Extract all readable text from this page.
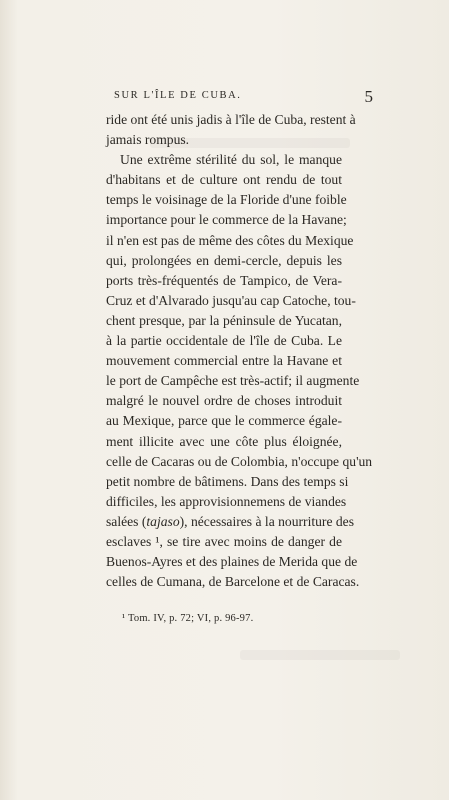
SUR L'ÎLE DE CUBA.	5
ride ont été unis jadis à l'île de Cuba, restent à
jamais rompus.
Une extrême stérilité du sol, le manque
d'habitans et de culture ont rendu de tout
temps le voisinage de la Floride d'une foible
importance pour le commerce de la Havane;
il n'en est pas de même des côtes du Mexique
qui, prolongées en demi-cercle, depuis les
ports très-fréquentés de Tampico, de Vera-
Cruz et d'Alvarado jusqu'au cap Catoche, tou-
chent presque, par la péninsule de Yucatan,
à la partie occidentale de l'île de Cuba. Le
mouvement commercial entre la Havane et
le port de Campêche est très-actif; il augmente
malgré le nouvel ordre de choses introduit
au Mexique, parce que le commerce égale-
ment illicite avec une côte plus éloignée,
celle de Cacaras ou de Colombia, n'occupe qu'un
petit nombre de bâtimens. Dans des temps si
difficiles, les approvisionnemens de viandes
salées (tajaso), nécessaires à la nourriture des
esclaves ¹, se tire avec moins de danger de
Buenos-Ayres et des plaines de Merida que de
celles de Cumana, de Barcelone et de Caracas.
¹ Tom. IV, p. 72; VI, p. 96-97.
